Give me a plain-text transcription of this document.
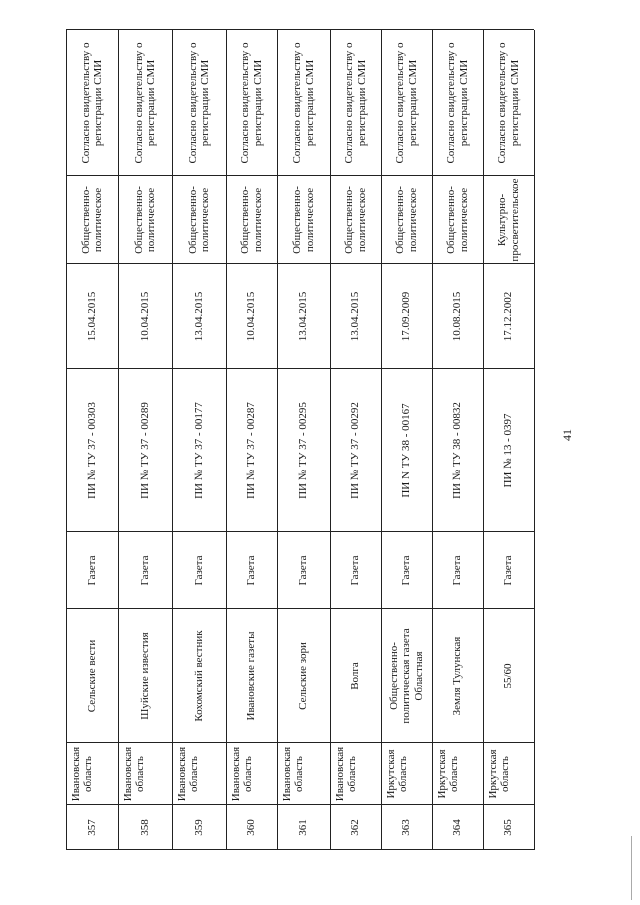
357
Ивановская область
Сельские вести
Газета
ПИ № ТУ 37 - 00303
15.04.2015
Общественно-политическое
Согласно свидетельству о регистрации СМИ
358
Ивановская область
Шуйские известия
Газета
ПИ № ТУ 37 - 00289
10.04.2015
Общественно-политическое
Согласно свидетельству о регистрации СМИ
359
Ивановская область
Кохомский вестник
Газета
ПИ № ТУ 37 - 00177
13.04.2015
Общественно-политическое
Согласно свидетельству о регистрации СМИ
360
Ивановская область
Ивановские газеты
Газета
ПИ № ТУ 37 - 00287
10.04.2015
Общественно-политическое
Согласно свидетельству о регистрации СМИ
361
Ивановская область
Сельские зори
Газета
ПИ № ТУ 37 - 00295
13.04.2015
Общественно-политическое
Согласно свидетельству о регистрации СМИ
362
Ивановская область
Волга
Газета
ПИ № ТУ 37 - 00292
13.04.2015
Общественно-политическое
Согласно свидетельству о регистрации СМИ
363
Иркутская область
Общественно-политическая газета Областная
Газета
ПИ N ТУ 38 - 00167
17.09.2009
Общественно-политическое
Согласно свидетельству о регистрации СМИ
364
Иркутская область
Земля Тулунская
Газета
ПИ № ТУ 38 - 00832
10.08.2015
Общественно-политическое
Согласно свидетельству о регистрации СМИ
365
Иркутская область
55/60
Газета
ПИ № 13 - 0397
17.12.2002
Культурно-просветительское
Согласно свидетельству о регистрации СМИ
41
